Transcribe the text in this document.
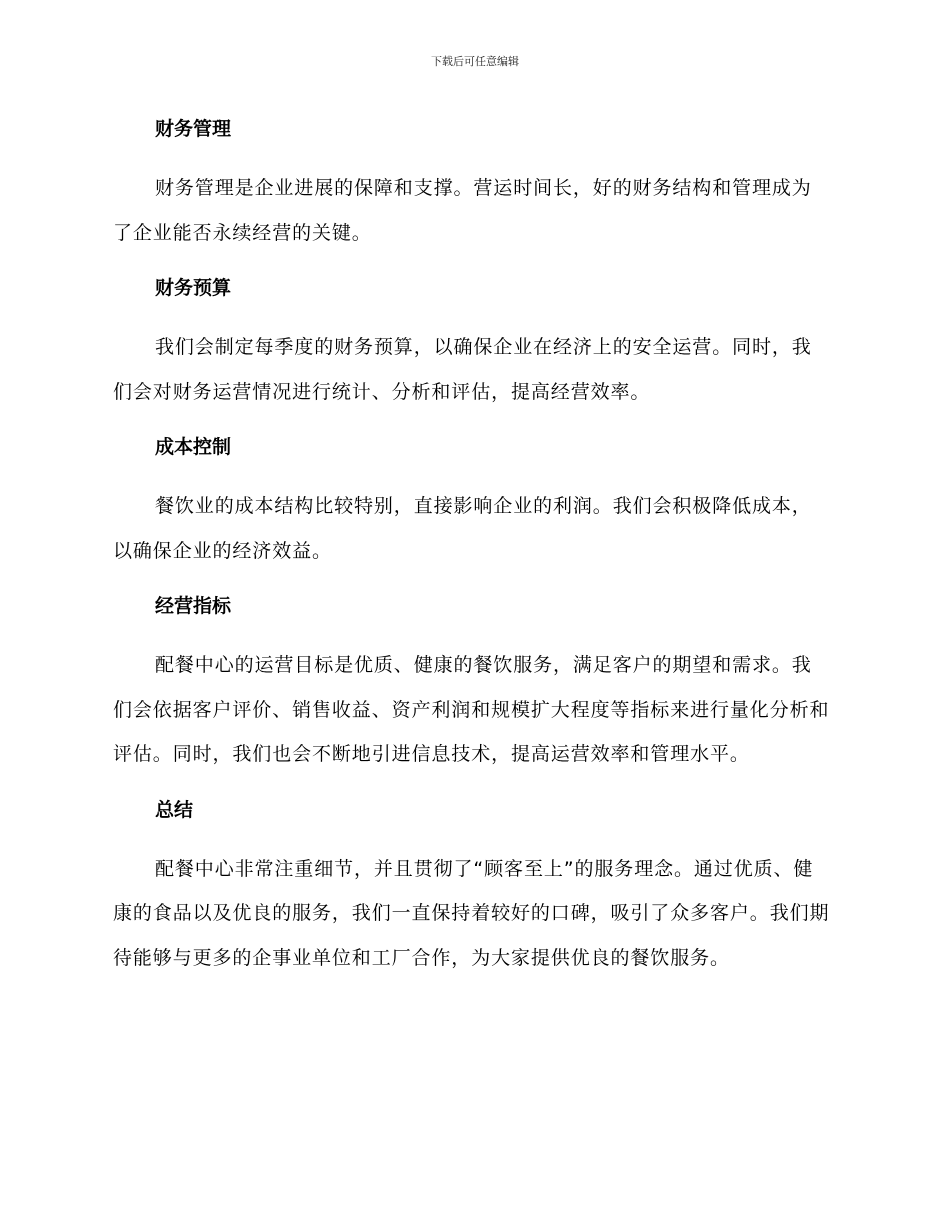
下载后可任意编辑
财务管理
财务管理是企业进展的保障和支撑。营运时间长，好的财务结构和管理成为了企业能否永续经营的关键。
财务预算
我们会制定每季度的财务预算，以确保企业在经济上的安全运营。同时，我们会对财务运营情况进行统计、分析和评估，提高经营效率。
成本控制
餐饮业的成本结构比较特别，直接影响企业的利润。我们会积极降低成本，以确保企业的经济效益。
经营指标
配餐中心的运营目标是优质、健康的餐饮服务，满足客户的期望和需求。我们会依据客户评价、销售收益、资产利润和规模扩大程度等指标来进行量化分析和评估。同时，我们也会不断地引进信息技术，提高运营效率和管理水平。
总结
配餐中心非常注重细节，并且贯彻了“顾客至上”的服务理念。通过优质、健康的食品以及优良的服务，我们一直保持着较好的口碑，吸引了众多客户。我们期待能够与更多的企事业单位和工厂合作，为大家提供优良的餐饮服务。
